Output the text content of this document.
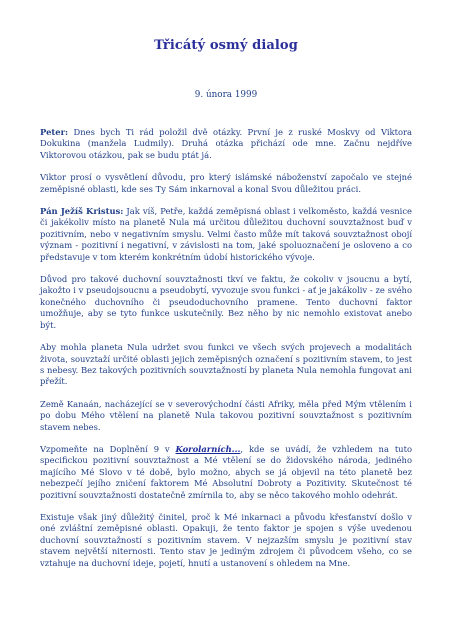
Třicátý osmý dialog

9. února 1999

Peter: Dnes bych Ti rád položil dvě otázky. První je z ruské Moskvy od Viktora Dokukina (manžela Ludmily). Druhá otázka přichází ode mne. Začnu nejdříve Viktorovou otázkou, pak se budu ptát já.

Viktor prosí o vysvětlení důvodu, pro který islámské náboženství započalo ve stejné zeměpisné oblasti, kde ses Ty Sám inkarnoval a konal Svou důležitou práci.

Pán Ježíš Kristus: Jak víš, Petře, každá zeměpisná oblast i velkoměsto, každá vesnice či jakékoliv místo na planetě Nula má určitou důležitou duchovní souvztažnost buď v pozitivním, nebo v negativním smyslu. Velmi často může mít taková souvztažnost obojí význam - pozitivní i negativní, v závislosti na tom, jaké spoluoznačení je osloveno a co představuje v tom kterém konkrétním údobí historického vývoje.

Důvod pro takové duchovní souvztažnosti tkví ve faktu, že cokoliv v jsoucnu a bytí, jakožto i v pseudojsoucnu a pseudobytí, vyvozuje svou funkci - ať je jakákoliv - ze svého konečného duchovního či pseudoduchovního pramene. Tento duchovní faktor umožňuje, aby se tyto funkce uskutečnily. Bez něho by nic nemohlo existovat anebo být.

Aby mohla planeta Nula udržet svou funkci ve všech svých projevech a modalitách života, souvztaží určité oblasti jejich zeměpisných označení s pozitivním stavem, to jest s nebesy. Bez takových pozitivních souvztažností by planeta Nula nemohla fungovat ani přežít.

Země Kanaán, nacházející se v severovýchodní části Afriky, měla před Mým vtělením i po dobu Mého vtělení na planetě Nula takovou pozitivní souvztažnost s pozitivním stavem nebes.

Vzpomeňte na Doplnění 9 v Korolarních..., kde se uvádí, že vzhledem na tuto specifickou pozitivní souvztažnost a Mé vtělení se do židovského národa, jediného majícího Mé Slovo v té době, bylo možno, abych se já objevil na této planetě bez nebezpečí jejího zničení faktorem Mé Absolutní Dobroty a Pozitivity. Skutečnost té pozitivní souvztažnosti dostatečně zmírnila to, aby se něco takového mohlo odehrát.

Existuje však jiný důležitý činitel, proč k Mé inkarnaci a původu křesťanství došlo v oné zvláštní zeměpisné oblasti. Opakuji, že tento faktor je spojen s výše uvedenou duchovní souvztažností s pozitivním stavem. V nejzazším smyslu je pozitivní stav stavem největší niternosti. Tento stav je jediným zdrojem či původcem všeho, co se vztahuje na duchovní ideje, pojetí, hnutí a ustanovení s ohledem na Mne.
